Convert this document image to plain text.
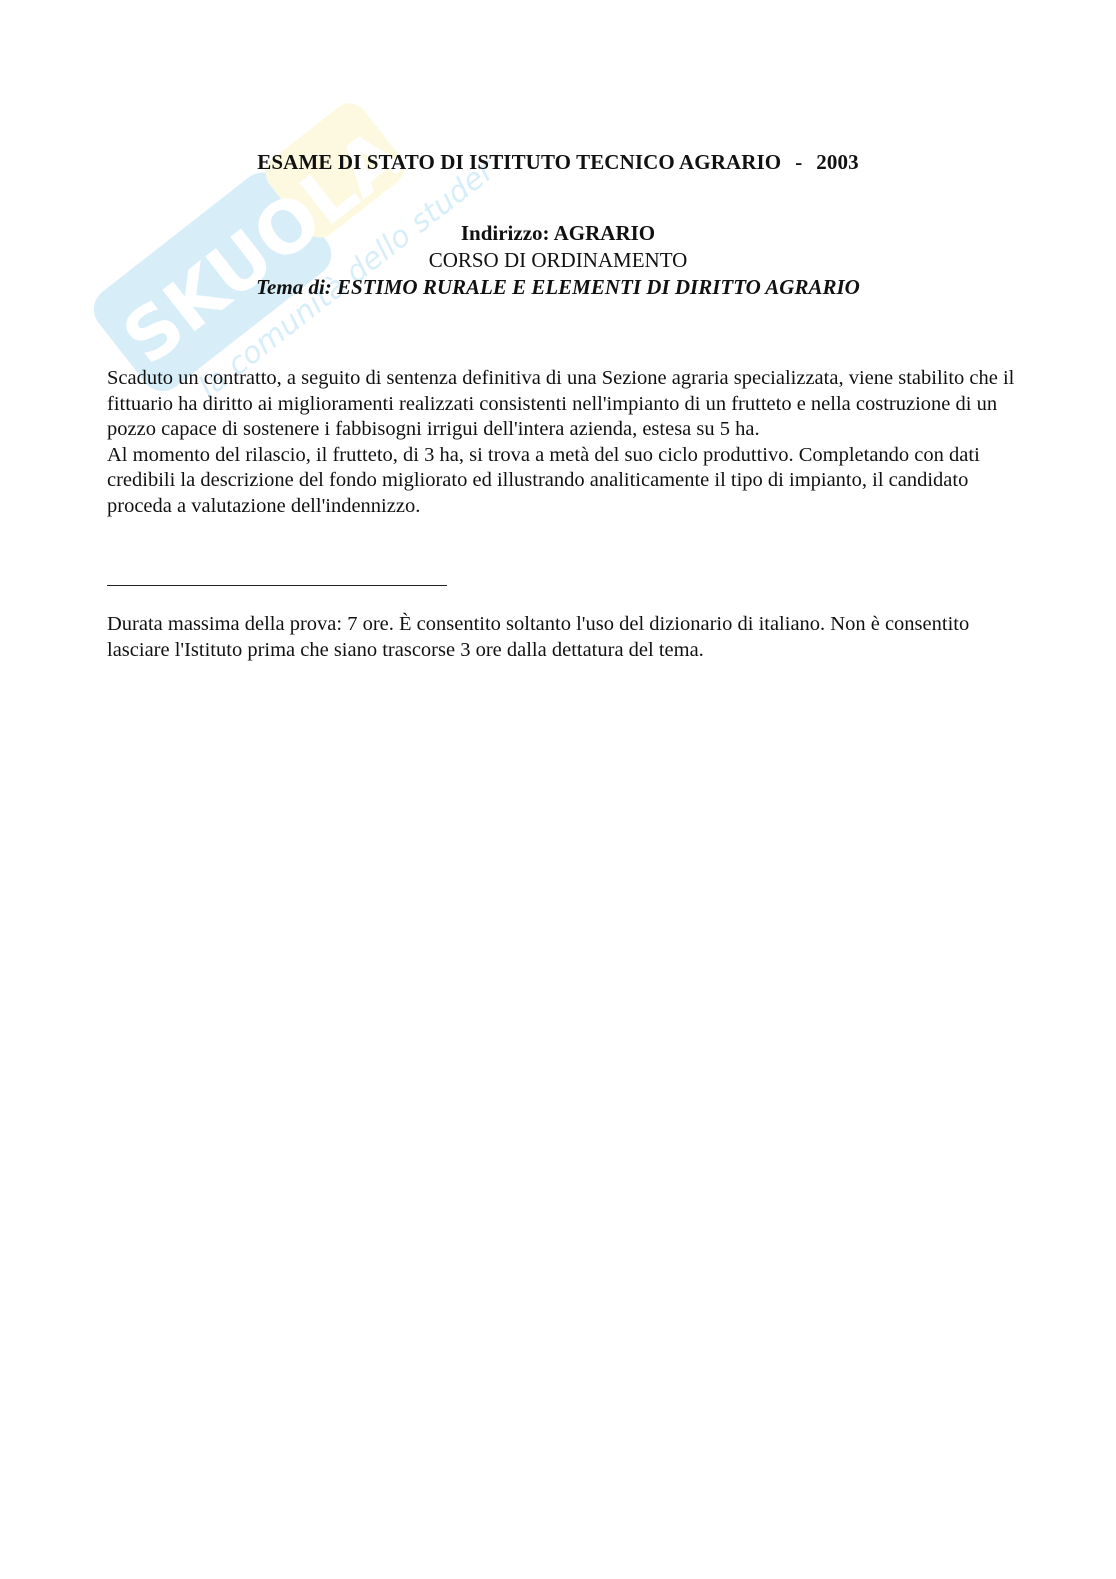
SKUOLA.net
la comunità dello studente
ESAME DI STATO DI ISTITUTO TECNICO AGRARIO - 2003
Indirizzo: AGRARIO
CORSO DI ORDINAMENTO
Tema di: ESTIMO RURALE E ELEMENTI DI DIRITTO AGRARIO

Scaduto un contratto, a seguito di sentenza definitiva di una Sezione agraria specializzata, viene stabilito che il fittuario ha diritto ai miglioramenti realizzati consistenti nell'impianto di un frutteto e nella costruzione di un pozzo capace di sostenere i fabbisogni irrigui dell'intera azienda, estesa su 5 ha.

Al momento del rilascio, il frutteto, di 3 ha, si trova a metà del suo ciclo produttivo. Completando con dati credibili la descrizione del fondo migliorato ed illustrando analiticamente il tipo di impianto, il candidato proceda a valutazione dell'indennizzo.

Durata massima della prova: 7 ore. È consentito soltanto l'uso del dizionario di italiano. Non è consentito lasciare l'Istituto prima che siano trascorse 3 ore dalla dettatura del tema.
